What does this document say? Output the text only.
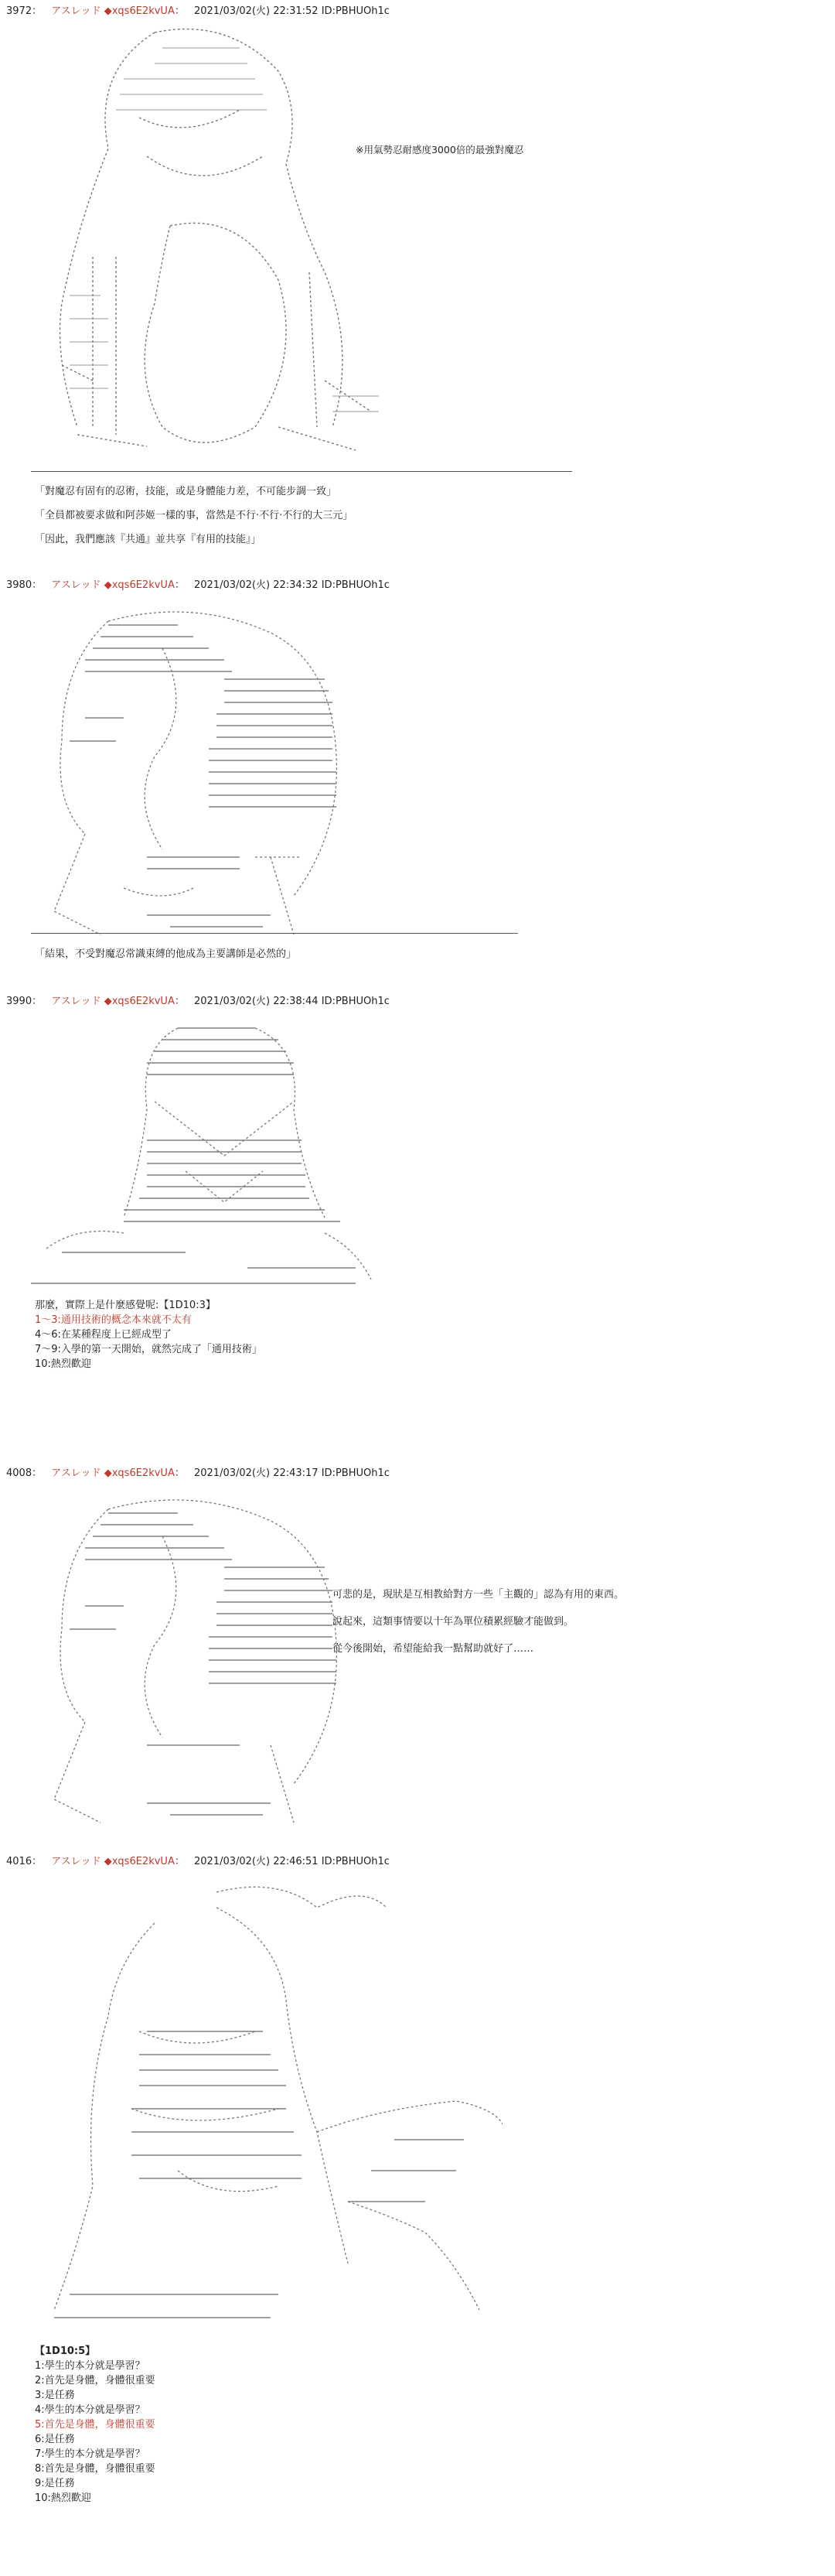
3972： アスレッド ◆xqs6E2kvUA： 2021/03/02(火) 22:31:52 ID:PBHUOh1c
※用氣勢忍耐感度3000倍的最強對魔忍
「對魔忍有固有的忍術，技能，或是身體能力差，不可能步調一致」
「全員都被要求做和阿莎姬一樣的事，當然是不行·不行·不行的大三元」
「因此，我們應該『共通』並共享『有用的技能』」
3980： アスレッド ◆xqs6E2kvUA： 2021/03/02(火) 22:34:32 ID:PBHUOh1c
「結果，不受對魔忍常識束縛的他成為主要講師是必然的」
3990： アスレッド ◆xqs6E2kvUA： 2021/03/02(火) 22:38:44 ID:PBHUOh1c
那麼，實際上是什麼感覺呢:【1D10:3】
1～3:通用技術的概念本來就不太有
4～6:在某種程度上已經成型了
7～9:入學的第一天開始，就然完成了「通用技術」
10:熱烈歡迎
4008： アスレッド ◆xqs6E2kvUA： 2021/03/02(火) 22:43:17 ID:PBHUOh1c
可悲的是，現狀是互相教給對方一些「主觀的」認為有用的東西。
說起來，這類事情要以十年為單位積累經驗才能做到。
從今後開始，希望能給我一點幫助就好了……
4016： アスレッド ◆xqs6E2kvUA： 2021/03/02(火) 22:46:51 ID:PBHUOh1c
【1D10:5】
1:學生的本分就是學習？
2:首先是身體，身體很重要
3:是任務
4:學生的本分就是學習？
5:首先是身體，身體很重要
6:是任務
7:學生的本分就是學習？
8:首先是身體，身體很重要
9:是任務
10:熱烈歡迎
